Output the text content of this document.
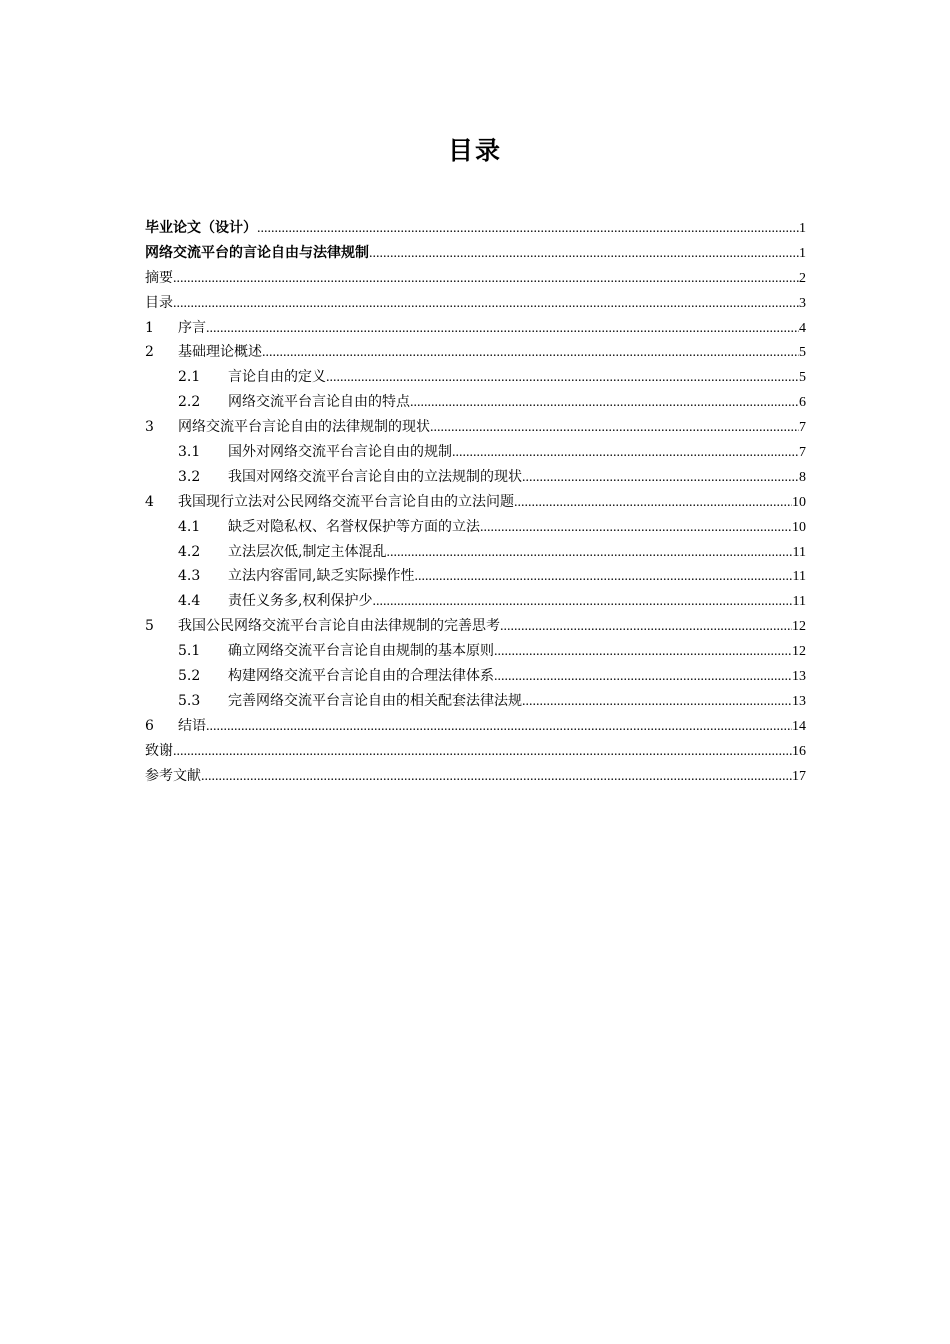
目录
毕业论文（设计） .....	1
网络交流平台的言论自由与法律规制 .....	1
摘要 .....	2
目录 .....	3
1	序言 .....	4
2	基础理论概述 .....	5
2.1	言论自由的定义 .....	5
2.2	网络交流平台言论自由的特点 .....	6
3	网络交流平台言论自由的法律规制的现状 .....	7
3.1	国外对网络交流平台言论自由的规制 .....	7
3.2	我国对网络交流平台言论自由的立法规制的现状 .....	8
4	我国现行立法对公民网络交流平台言论自由的立法问题 .....	10
4.1	缺乏对隐私权、名誉权保护等方面的立法 .....	10
4.2	立法层次低,制定主体混乱 .....	11
4.3	立法内容雷同,缺乏实际操作性 .....	11
4.4	责任义务多,权利保护少 .....	11
5	我国公民网络交流平台言论自由法律规制的完善思考 .....	12
5.1	确立网络交流平台言论自由规制的基本原则 .....	12
5.2	构建网络交流平台言论自由的合理法律体系 .....	13
5.3	完善网络交流平台言论自由的相关配套法律法规 .....	13
6	结语 .....	14
致谢 .....	16
参考文献 .....	17
